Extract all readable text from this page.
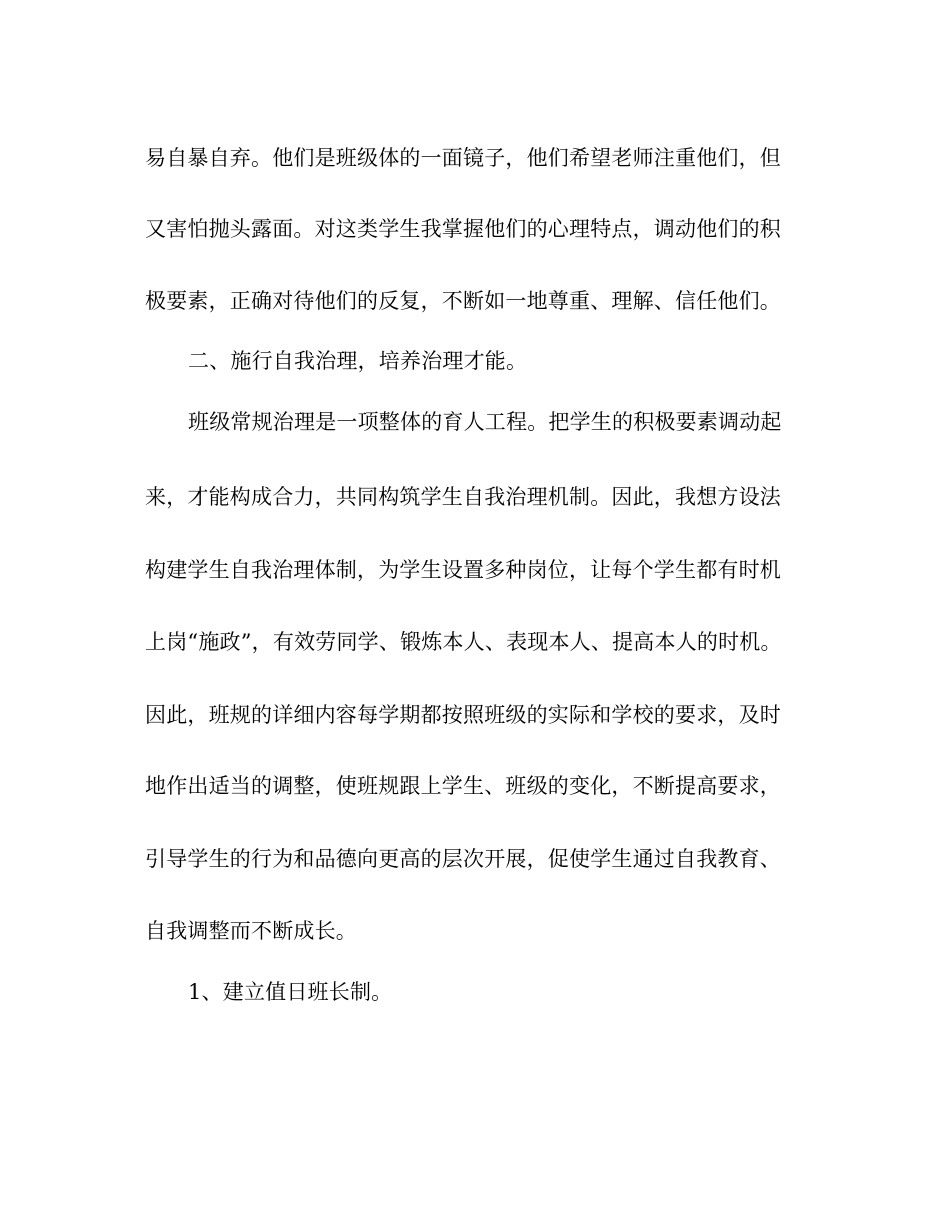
易自暴自弃。他们是班级体的一面镜子，他们希望老师注重他们，但
又害怕抛头露面。对这类学生我掌握他们的心理特点，调动他们的积
极要素，正确对待他们的反复，不断如一地尊重、理解、信任他们。
二、施行自我治理，培养治理才能。
班级常规治理是一项整体的育人工程。把学生的积极要素调动起
来，才能构成合力，共同构筑学生自我治理机制。因此，我想方设法
构建学生自我治理体制，为学生设置多种岗位，让每个学生都有时机
上岗“施政”，有效劳同学、锻炼本人、表现本人、提高本人的时机。
因此，班规的详细内容每学期都按照班级的实际和学校的要求，及时
地作出适当的调整，使班规跟上学生、班级的变化，不断提高要求，
引导学生的行为和品德向更高的层次开展，促使学生通过自我教育、
自我调整而不断成长。
1、建立值日班长制。
